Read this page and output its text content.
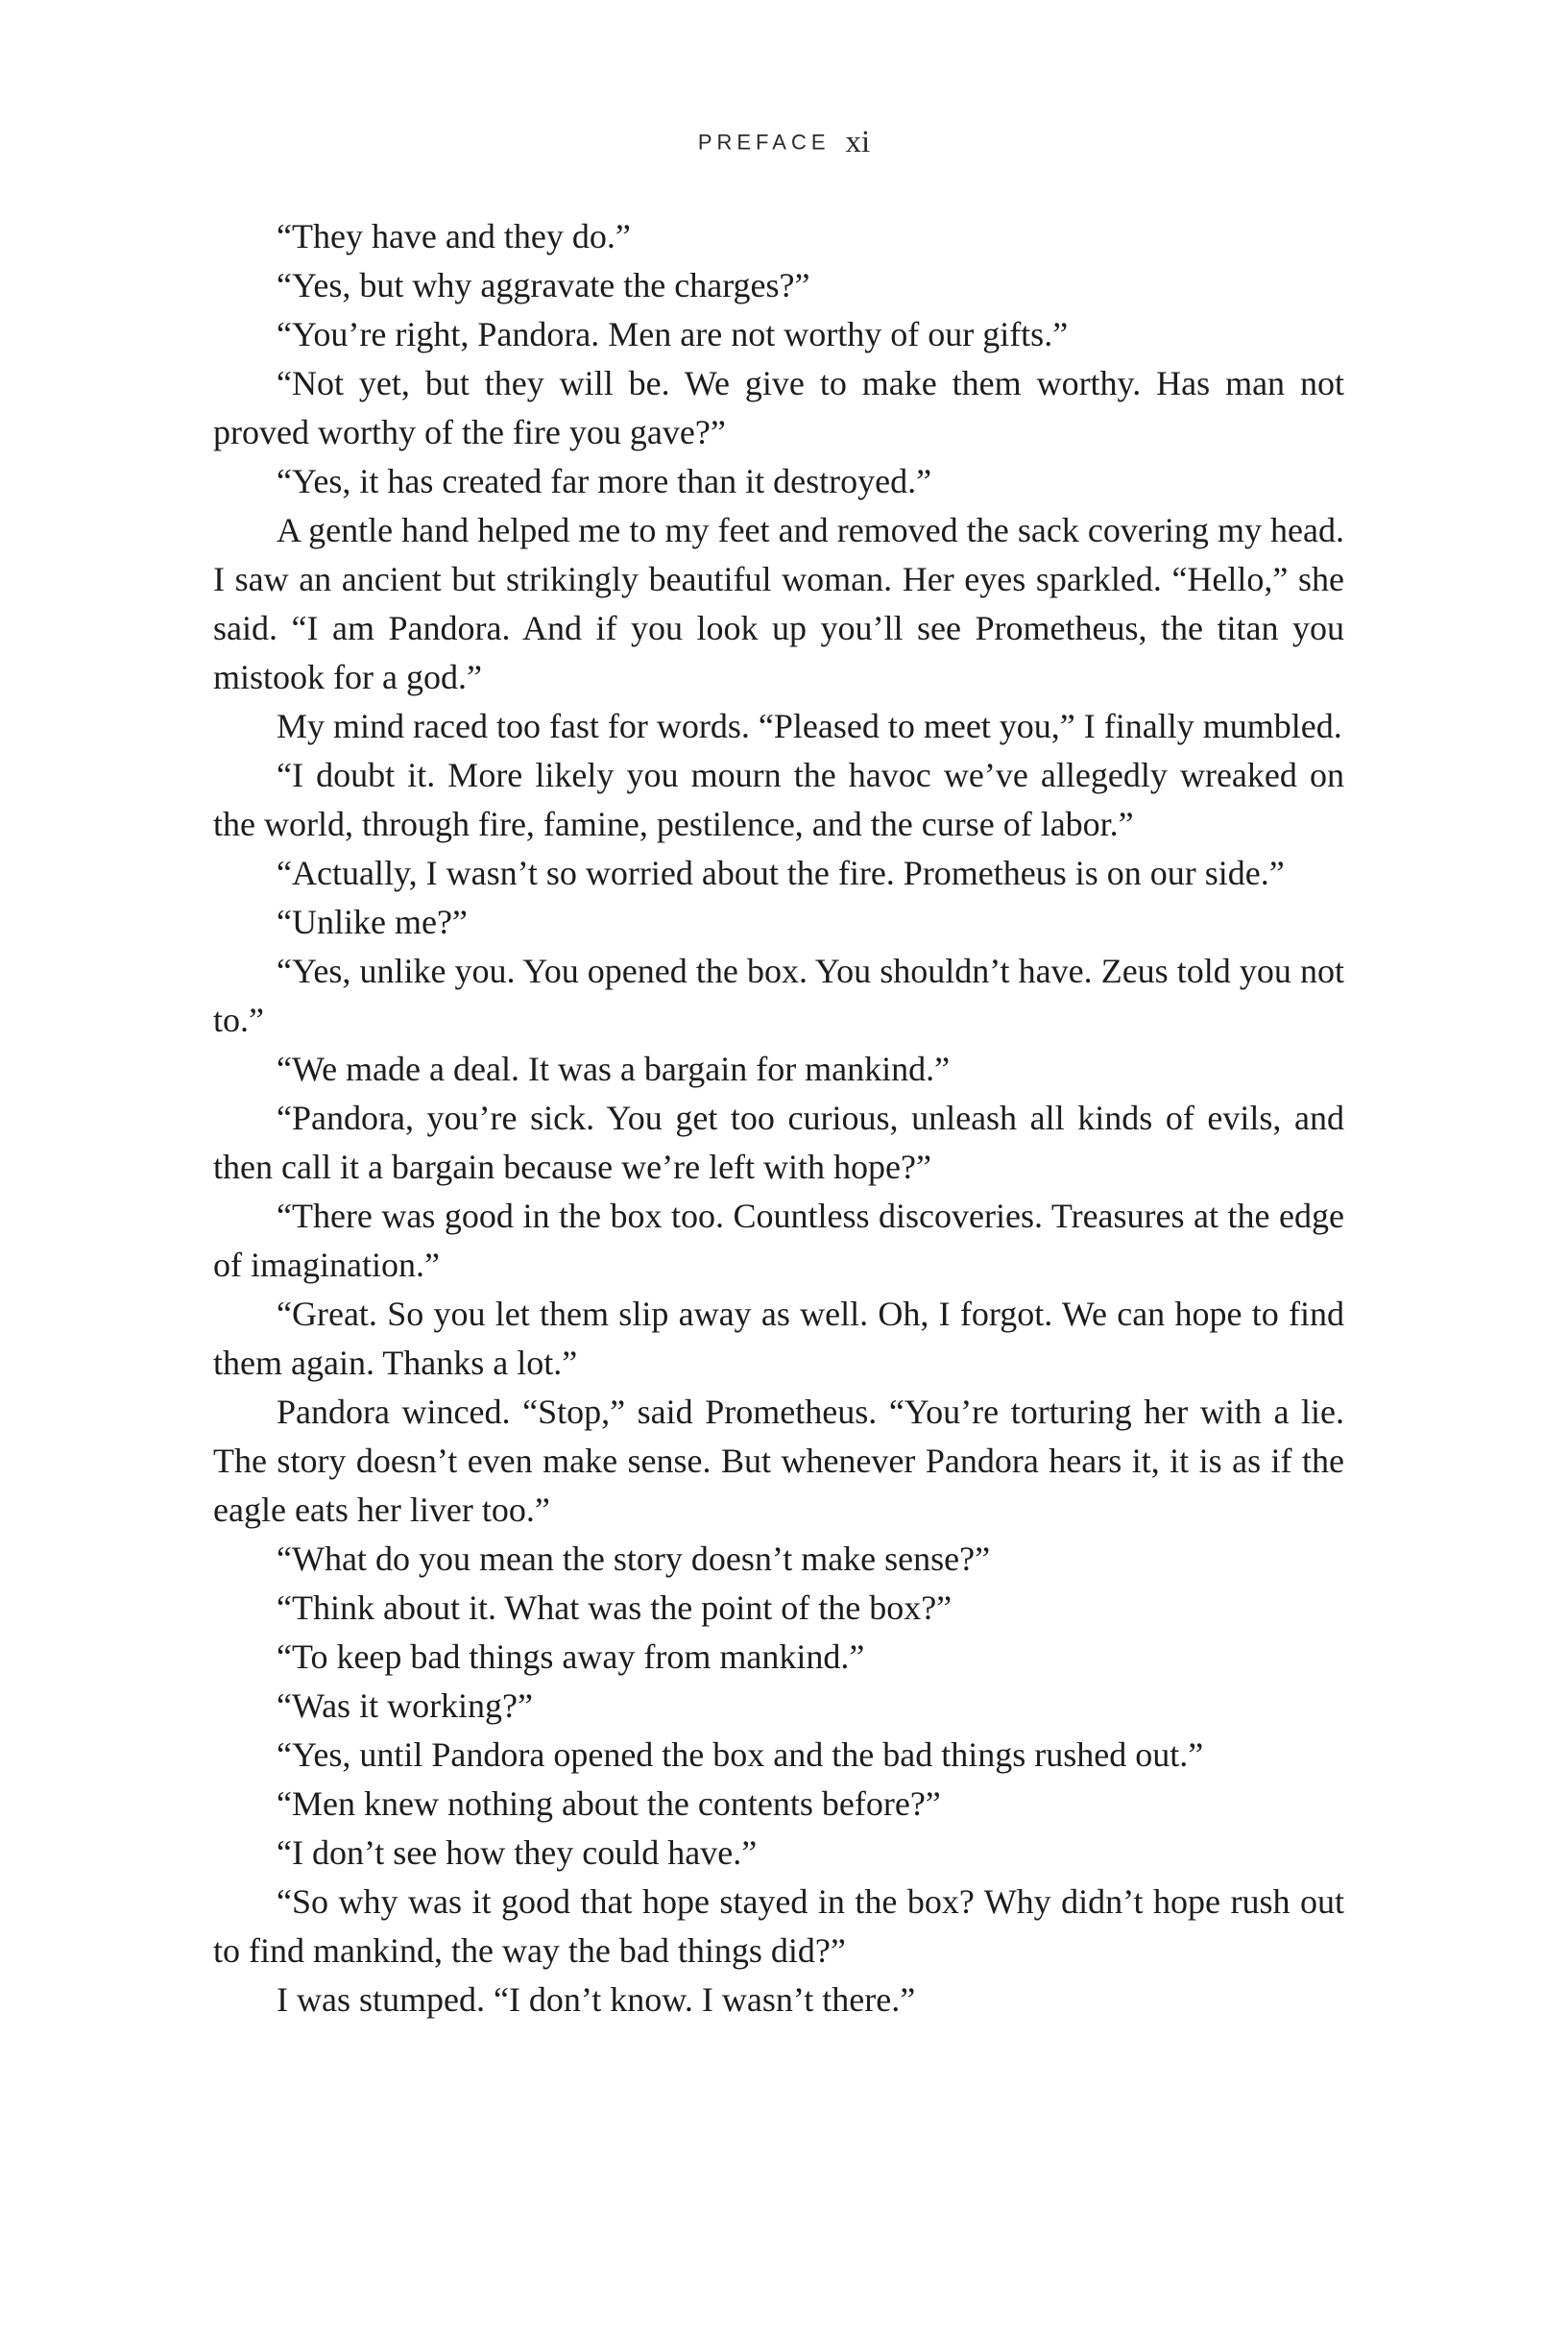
PREFACE xi

“They have and they do.”

“Yes, but why aggravate the charges?”

“You’re right, Pandora. Men are not worthy of our gifts.”

“Not yet, but they will be. We give to make them worthy. Has man not proved worthy of the fire you gave?”

“Yes, it has created far more than it destroyed.”

A gentle hand helped me to my feet and removed the sack covering my head. I saw an ancient but strikingly beautiful woman. Her eyes sparkled. “Hello,” she said. “I am Pandora. And if you look up you’ll see Prometheus, the titan you mistook for a god.”

My mind raced too fast for words. “Pleased to meet you,” I finally mumbled.

“I doubt it. More likely you mourn the havoc we’ve allegedly wreaked on the world, through fire, famine, pestilence, and the curse of labor.”

“Actually, I wasn’t so worried about the fire. Prometheus is on our side.”

“Unlike me?”

“Yes, unlike you. You opened the box. You shouldn’t have. Zeus told you not to.”

“We made a deal. It was a bargain for mankind.”

“Pandora, you’re sick. You get too curious, unleash all kinds of evils, and then call it a bargain because we’re left with hope?”

“There was good in the box too. Countless discoveries. Treasures at the edge of imagination.”

“Great. So you let them slip away as well. Oh, I forgot. We can hope to find them again. Thanks a lot.”

Pandora winced. “Stop,” said Prometheus. “You’re torturing her with a lie. The story doesn’t even make sense. But whenever Pandora hears it, it is as if the eagle eats her liver too.”

“What do you mean the story doesn’t make sense?”

“Think about it. What was the point of the box?”

“To keep bad things away from mankind.”

“Was it working?”

“Yes, until Pandora opened the box and the bad things rushed out.”

“Men knew nothing about the contents before?”

“I don’t see how they could have.”

“So why was it good that hope stayed in the box? Why didn’t hope rush out to find mankind, the way the bad things did?”

I was stumped. “I don’t know. I wasn’t there.”
